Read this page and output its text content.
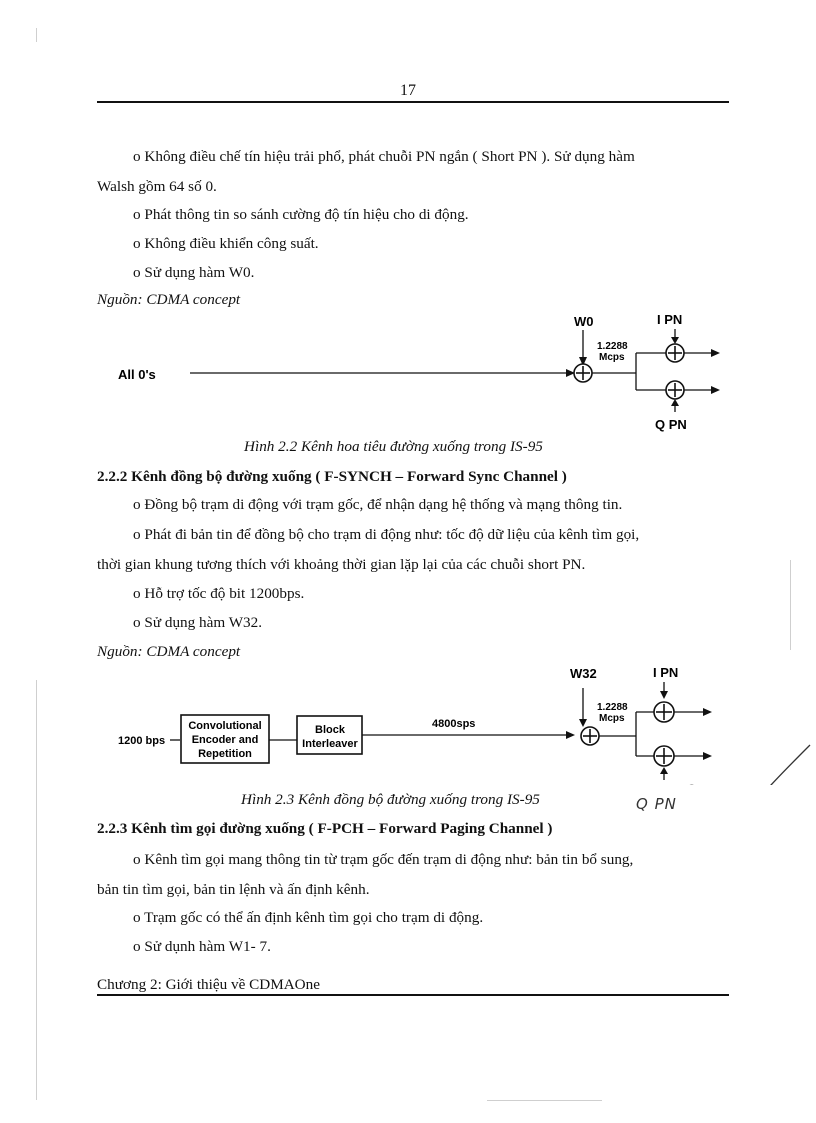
17
o Không điều chế tín hiệu trải phổ, phát chuỗi PN ngắn ( Short PN ). Sử dụng hàm
Walsh gồm 64 số 0.
o Phát thông tin so sánh cường độ tín hiệu cho di động.
o Không điều khiển công suất.
o Sử dụng hàm W0.
Nguồn: CDMA concept
All 0's
W0
1.2288
Mcps
I PN
Q PN
Hình 2.2 Kênh hoa tiêu đường xuống trong IS-95
2.2.2 Kênh đồng bộ đường xuống ( F-SYNCH – Forward Sync Channel )
o Đồng bộ trạm di động với trạm gốc, để nhận dạng hệ thống và mạng thông tin.
o Phát đi bản tin để đồng bộ cho trạm di động như: tốc độ dữ liệu của kênh tìm gọi,
thời gian khung tương thích với khoảng thời gian lặp lại của các chuỗi short PN.
o Hỗ trợ tốc độ bit 1200bps.
o Sử dụng hàm W32.
Nguồn: CDMA concept
1200 bps
Convolutional
Encoder and
Repetition
Block
Interleaver
4800sps
W32
1.2288
Mcps
I PN
Q PN
Hình 2.3 Kênh đồng bộ đường xuống trong IS-95
2.2.3 Kênh tìm gọi đường xuống ( F-PCH – Forward Paging Channel )
o Kênh tìm gọi mang thông tin từ trạm gốc đến trạm di động như: bản tin bổ sung,
bản tin tìm gọi, bản tin lệnh và ấn định kênh.
o Trạm gốc có thể ấn định kênh tìm gọi cho trạm di động.
o Sử dụnh hàm W1- 7.
Chương 2: Giới thiệu về CDMAOne
